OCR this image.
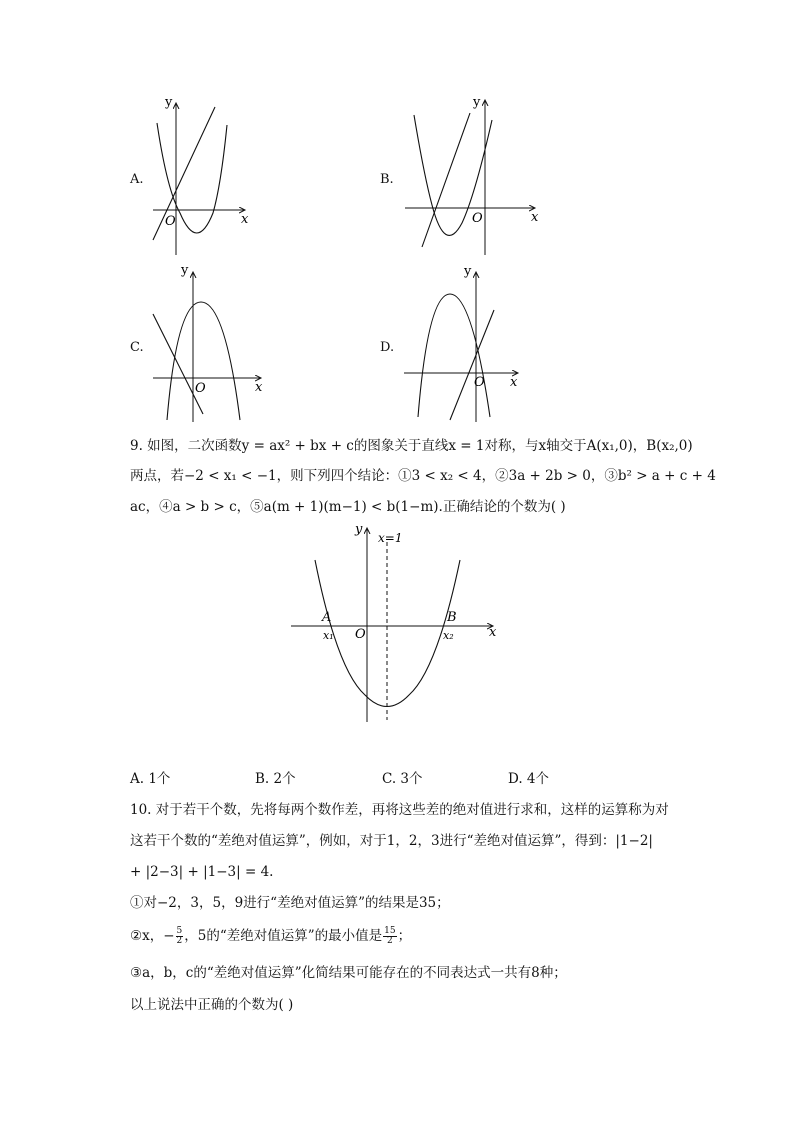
A.
y
x
O
B.
y
x
O
C.
y
x
O
D.
y
x
O
9. 如图，二次函数y = ax² + bx + c的图象关于直线x = 1对称，与x轴交于A(x₁,0)，B(x₂,0)
两点，若−2 < x₁ < −1，则下列四个结论：①3 < x₂ < 4，②3a + 2b > 0，③b² > a + c + 4
ac，④a > b > c，⑤a(m + 1)(m−1) < b(1−m).正确结论的个数为( )
y
x=1
x
O
A	B
x₁	x₂
A. 1个	B. 2个	C. 3个	D. 4个
10. 对于若干个数，先将每两个数作差，再将这些差的绝对值进行求和，这样的运算称为对
这若干个数的“差绝对值运算”，例如，对于1，2，3进行“差绝对值运算”，得到：|1−2|
+ |2−3| + |1−3| = 4.
①对−2，3，5，9进行“差绝对值运算”的结果是35；
②x，− $\frac{5}{2}$ ，5的“差绝对值运算”的最小值是 $\frac{15}{2}$ ；
③a，b，c的“差绝对值运算”化简结果可能存在的不同表达式一共有8种；
以上说法中正确的个数为( )
